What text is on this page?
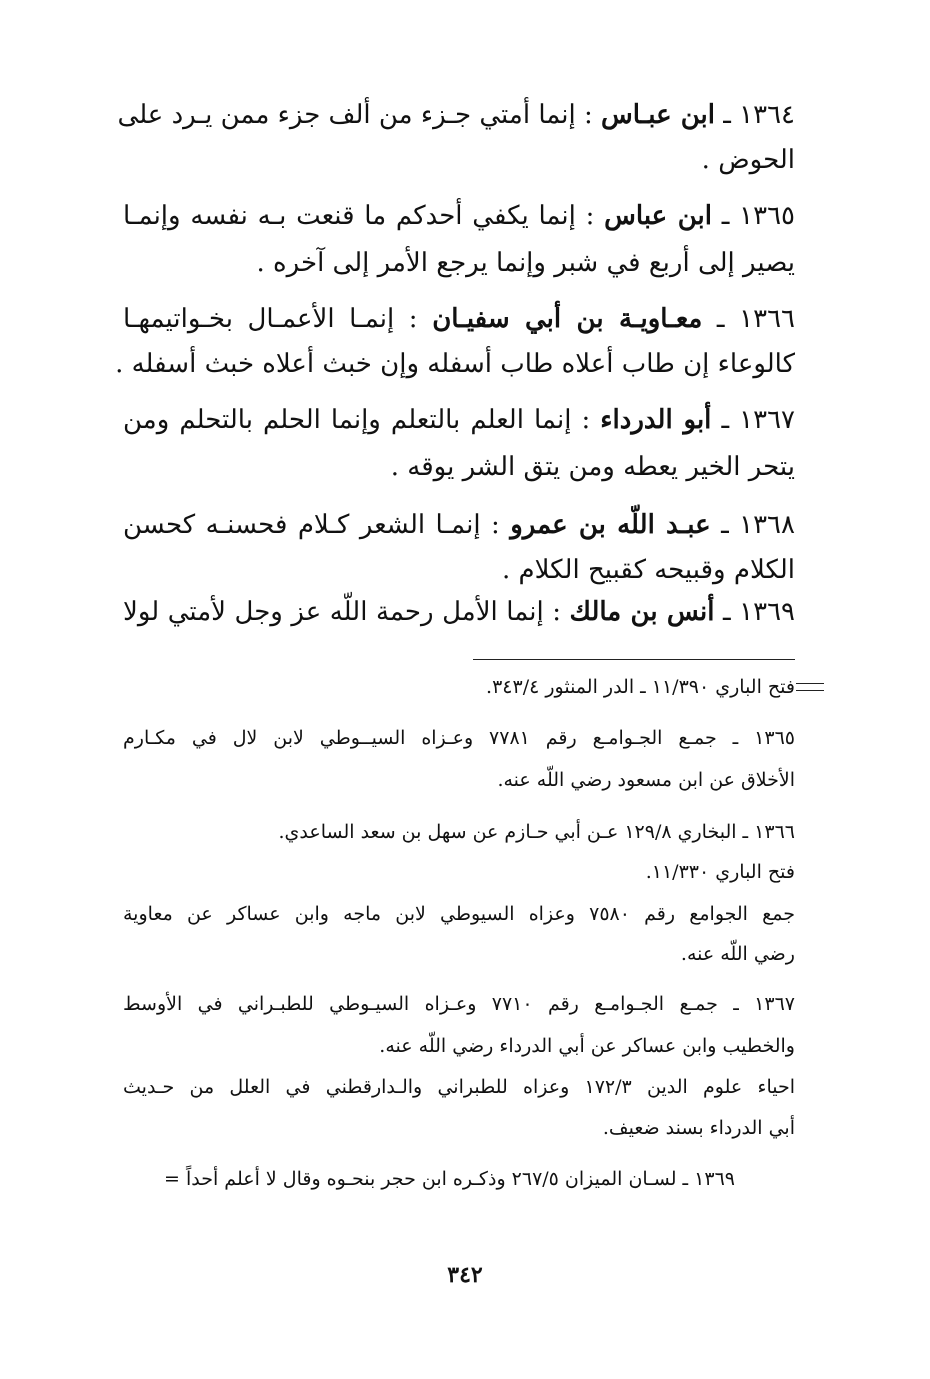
١٣٦٤ ـ ابن عبـاس : إنما أمتي جـزء من ألف جزء ممن يـرد على

الحوض .

١٣٦٥ ـ ابن عباس : إنما يكفي أحدكم ما قنعت بـه نفسه وإنمـا

يصير إلى أربع في شبر وإنما يرجع الأمر إلى آخره .

١٣٦٦ ـ معـاويـة بن أبي سفيـان : إنمـا الأعمـال بخـواتيمهـا

كالوعاء إن طاب أعلاه طاب أسفله وإن خبث أعلاه خبث أسفله .

١٣٦٧ ـ أبو الدرداء : إنما العلم بالتعلم وإنما الحلم بالتحلم ومن

يتحر الخير يعطه ومن يتق الشر يوقه .

١٣٦٨ ـ عبـد اللّه بن عمرو : إنمـا الشعر كـلام فحسنـه كحسن

الكلام وقبيحه كقبيح الكلام .

١٣٦٩ ـ أنس بن مالك : إنما الأمل رحمة اللّه عز وجل لأمتي لولا

فتح الباري ١١/٣٩٠ ـ الدر المنثور ٣٤٣/٤.

١٣٦٥ ـ جمـع الجـوامـع رقم ٧٧٨١ وعـزاه السيــوطي لابن لال في مكـارم

الأخلاق عن ابن مسعود رضي اللّه عنه.

١٣٦٦ ـ البخاري ١٢٩/٨ عـن أبي حـازم عن سهل بن سعد الساعدي.

فتح الباري ١١/٣٣٠.

جمع الجوامع رقم ٧٥٨٠ وعزاه السيوطي لابن ماجه وابن عساكر عن معاوية

رضي اللّه عنه.

١٣٦٧ ـ جمـع الجـوامـع رقم ٧٧١٠ وعـزاه السيـوطي للطبـراني في الأوسط

والخطيب وابن عساكر عن أبي الدرداء رضي اللّه عنه.

احياء علوم الدين ١٧٢/٣ وعزاه للطبراني والـدارقطني في العلل من حـديث

أبي الدرداء بسند ضعيف.

١٣٦٩ ـ لسـان الميزان ٢٦٧/٥ وذكـره ابن حجر بنحـوه وقال لا أعلم أحداً =

٣٤٢
